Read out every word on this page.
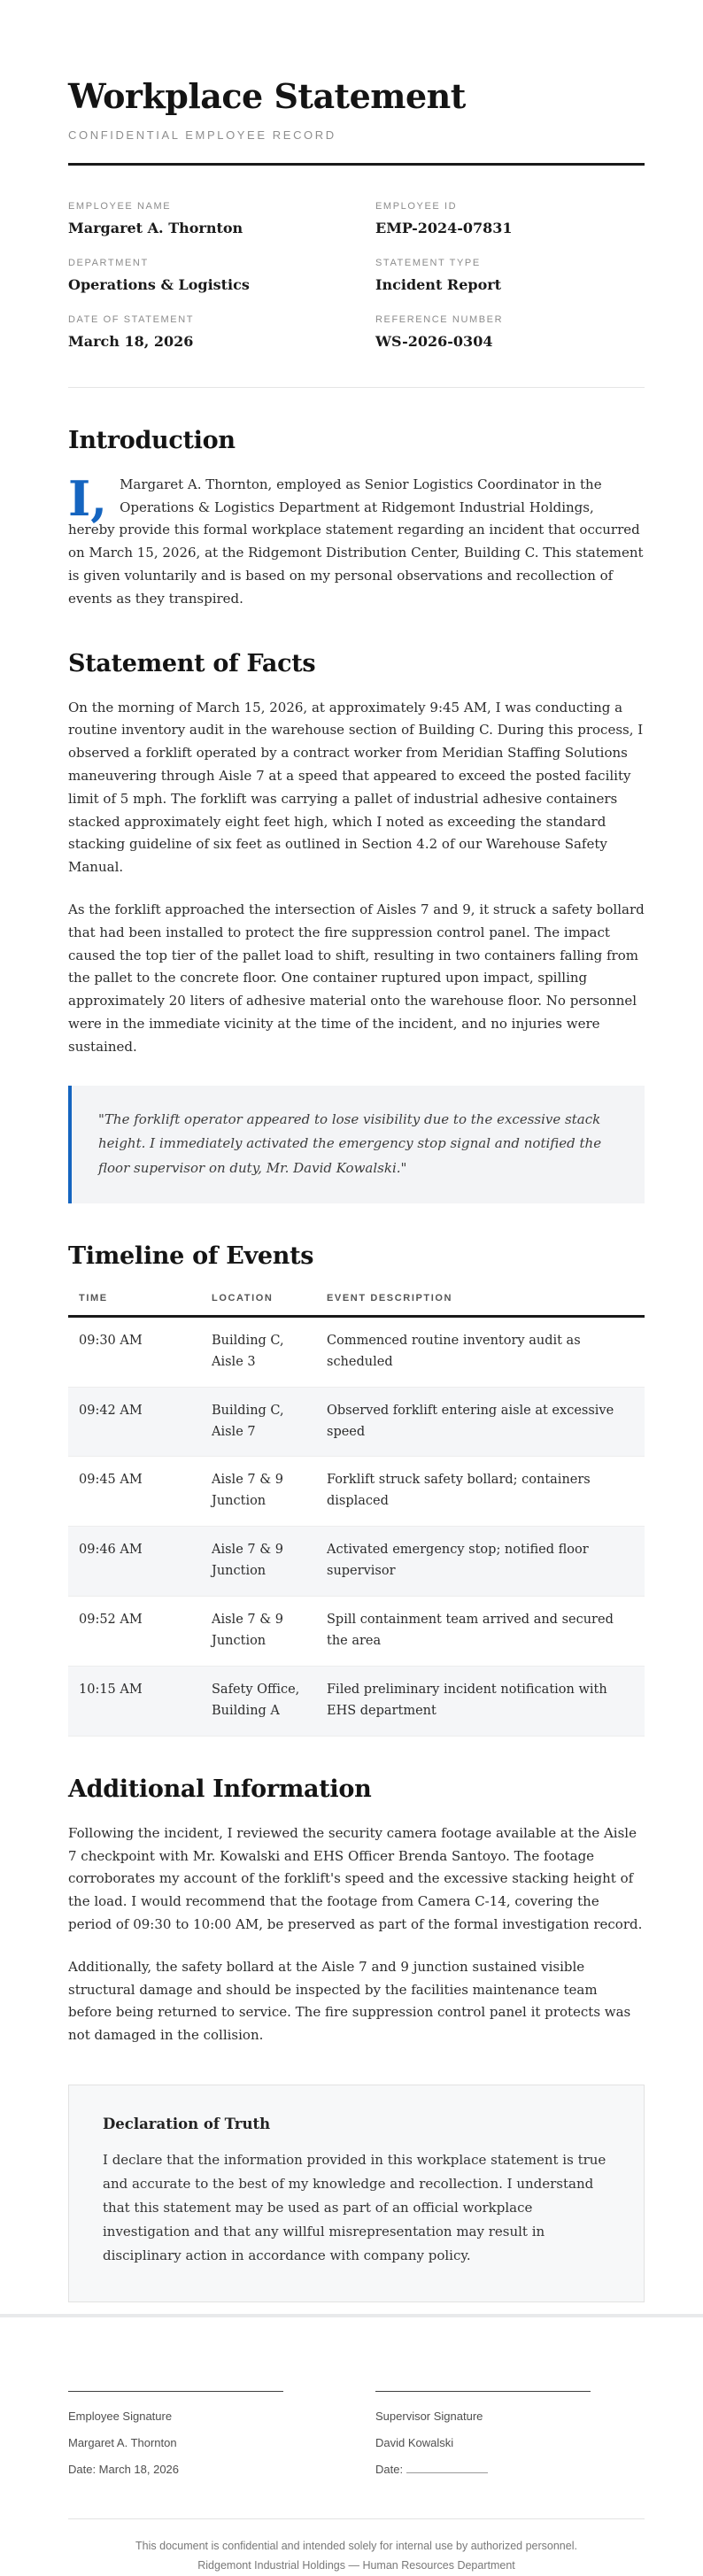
Workplace Statement
CONFIDENTIAL EMPLOYEE RECORD
EMPLOYEE NAME
Margaret A. Thornton
EMPLOYEE ID
EMP-2024-07831
DEPARTMENT
Operations & Logistics
STATEMENT TYPE
Incident Report
DATE OF STATEMENT
March 18, 2026
REFERENCE NUMBER
WS-2026-0304
Introduction

I, Margaret A. Thornton, employed as Senior Logistics Coordinator in the Operations & Logistics Department at Ridgemont Industrial Holdings, hereby provide this formal workplace statement regarding an incident that occurred on March 15, 2026, at the Ridgemont Distribution Center, Building C. This statement is given voluntarily and is based on my personal observations and recollection of events as they transpired.

Statement of Facts

On the morning of March 15, 2026, at approximately 9:45 AM, I was conducting a routine inventory audit in the warehouse section of Building C. During this process, I observed a forklift operated by a contract worker from Meridian Staffing Solutions maneuvering through Aisle 7 at a speed that appeared to exceed the posted facility limit of 5 mph. The forklift was carrying a pallet of industrial adhesive containers stacked approximately eight feet high, which I noted as exceeding the standard stacking guideline of six feet as outlined in Section 4.2 of our Warehouse Safety Manual.

As the forklift approached the intersection of Aisles 7 and 9, it struck a safety bollard that had been installed to protect the fire suppression control panel. The impact caused the top tier of the pallet load to shift, resulting in two containers falling from the pallet to the concrete floor. One container ruptured upon impact, spilling approximately 20 liters of adhesive material onto the warehouse floor. No personnel were in the immediate vicinity at the time of the incident, and no injuries were sustained.

"The forklift operator appeared to lose visibility due to the excessive stack height. I immediately activated the emergency stop signal and notified the floor supervisor on duty, Mr. David Kowalski."
Timeline of Events
TIME	LOCATION	EVENT DESCRIPTION
09:30 AM	Building C, Aisle 3	Commenced routine inventory audit as scheduled
09:42 AM	Building C, Aisle 7	Observed forklift entering aisle at excessive speed
09:45 AM	Aisle 7 & 9 Junction	Forklift struck safety bollard; containers displaced
09:46 AM	Aisle 7 & 9 Junction	Activated emergency stop; notified floor supervisor
09:52 AM	Aisle 7 & 9 Junction	Spill containment team arrived and secured the area
10:15 AM	Safety Office, Building A	Filed preliminary incident notification with EHS department
Additional Information

Following the incident, I reviewed the security camera footage available at the Aisle 7 checkpoint with Mr. Kowalski and EHS Officer Brenda Santoyo. The footage corroborates my account of the forklift's speed and the excessive stacking height of the load. I would recommend that the footage from Camera C-14, covering the period of 09:30 to 10:00 AM, be preserved as part of the formal investigation record.

Additionally, the safety bollard at the Aisle 7 and 9 junction sustained visible structural damage and should be inspected by the facilities maintenance team before being returned to service. The fire suppression control panel it protects was not damaged in the collision.

Declaration of Truth

I declare that the information provided in this workplace statement is true and accurate to the best of my knowledge and recollection. I understand that this statement may be used as part of an official workplace investigation and that any willful misrepresentation may result in disciplinary action in accordance with company policy.

Employee Signature
Margaret A. Thornton
Date: March 18, 2026
Supervisor Signature
David Kowalski
Date:
This document is confidential and intended solely for internal use by authorized personnel.
Ridgemont Industrial Holdings — Human Resources Department
